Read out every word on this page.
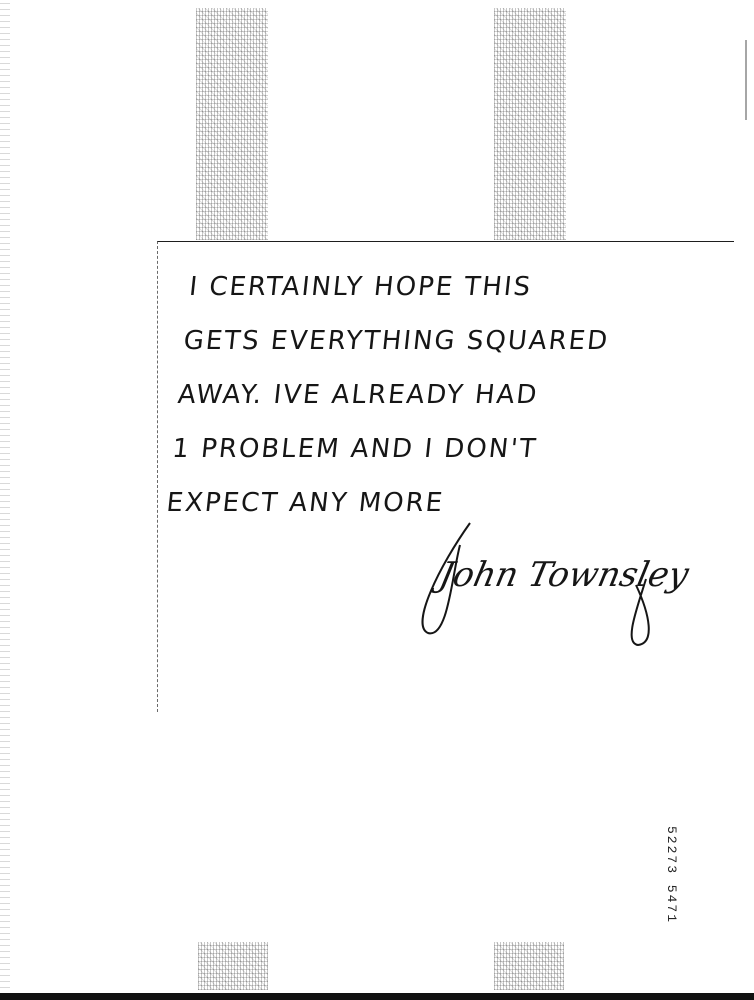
I CERTAINLY HOPE THIS
GETS EVERYTHING SQUARED
AWAY. IVE ALREADY HAD
1 PROBLEM AND I DON'T
EXPECT ANY MORE
John Townsley
52273 5471
